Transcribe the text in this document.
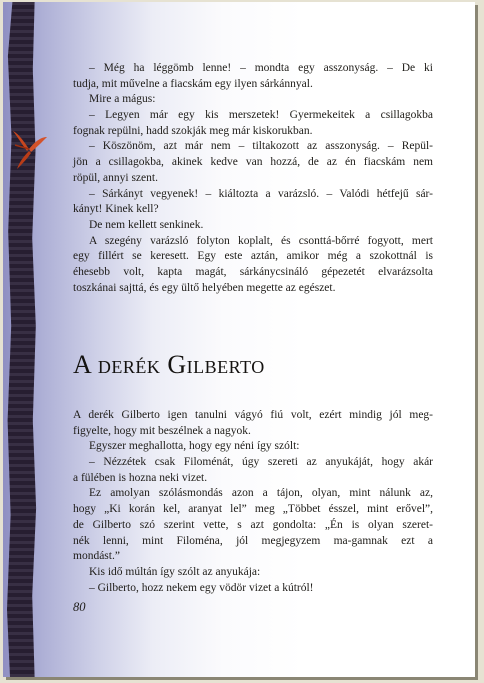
– Még ha léggömb lenne! – mondta egy asszonyság. – De ki
tudja, mit művelne a fiacskám egy ilyen sárkánnyal.
Mire a mágus:
– Legyen már egy kis merszetek! Gyermekeitek a csillagokba
fognak repülni, hadd szokják meg már kiskorukban.
– Köszönöm, azt már nem – tiltakozott az asszonyság. – Repül-
jön a csillagokba, akinek kedve van hozzá, de az én fiacskám nem
röpül, annyi szent.
– Sárkányt vegyenek! – kiáltozta a varázsló. – Valódi hétfejű sár-
kányt! Kinek kell?
De nem kellett senkinek.
A szegény varázsló folyton koplalt, és csonttá-bőrré fogyott, mert
egy fillért se keresett. Egy este aztán, amikor még a szokottnál is
éhesebb volt, kapta magát, sárkánycsináló gépezetét elvarázsolta
toszkánai sajttá, és egy ültő helyében megette az egészet.
A derék Gilberto
A derék Gilberto igen tanulni vágyó fiú volt, ezért mindig jól meg-
figyelte, hogy mit beszélnek a nagyok.
Egyszer meghallotta, hogy egy néni így szólt:
– Nézzétek csak Filoménát, úgy szereti az anyukáját, hogy akár
a fülében is hozna neki vizet.
Ez amolyan szólásmondás azon a tájon, olyan, mint nálunk az,
hogy „Ki korán kel, aranyat lel” meg „Többet ésszel, mint erővel”,
de Gilberto szó szerint vette, s azt gondolta: „Én is olyan szeret-
nék lenni, mint Filoména, jól megjegyzem ma-gamnak ezt a
mondást.”
Kis idő múltán így szólt az anyukája:
– Gilberto, hozz nekem egy vödör vizet a kútról!
80
